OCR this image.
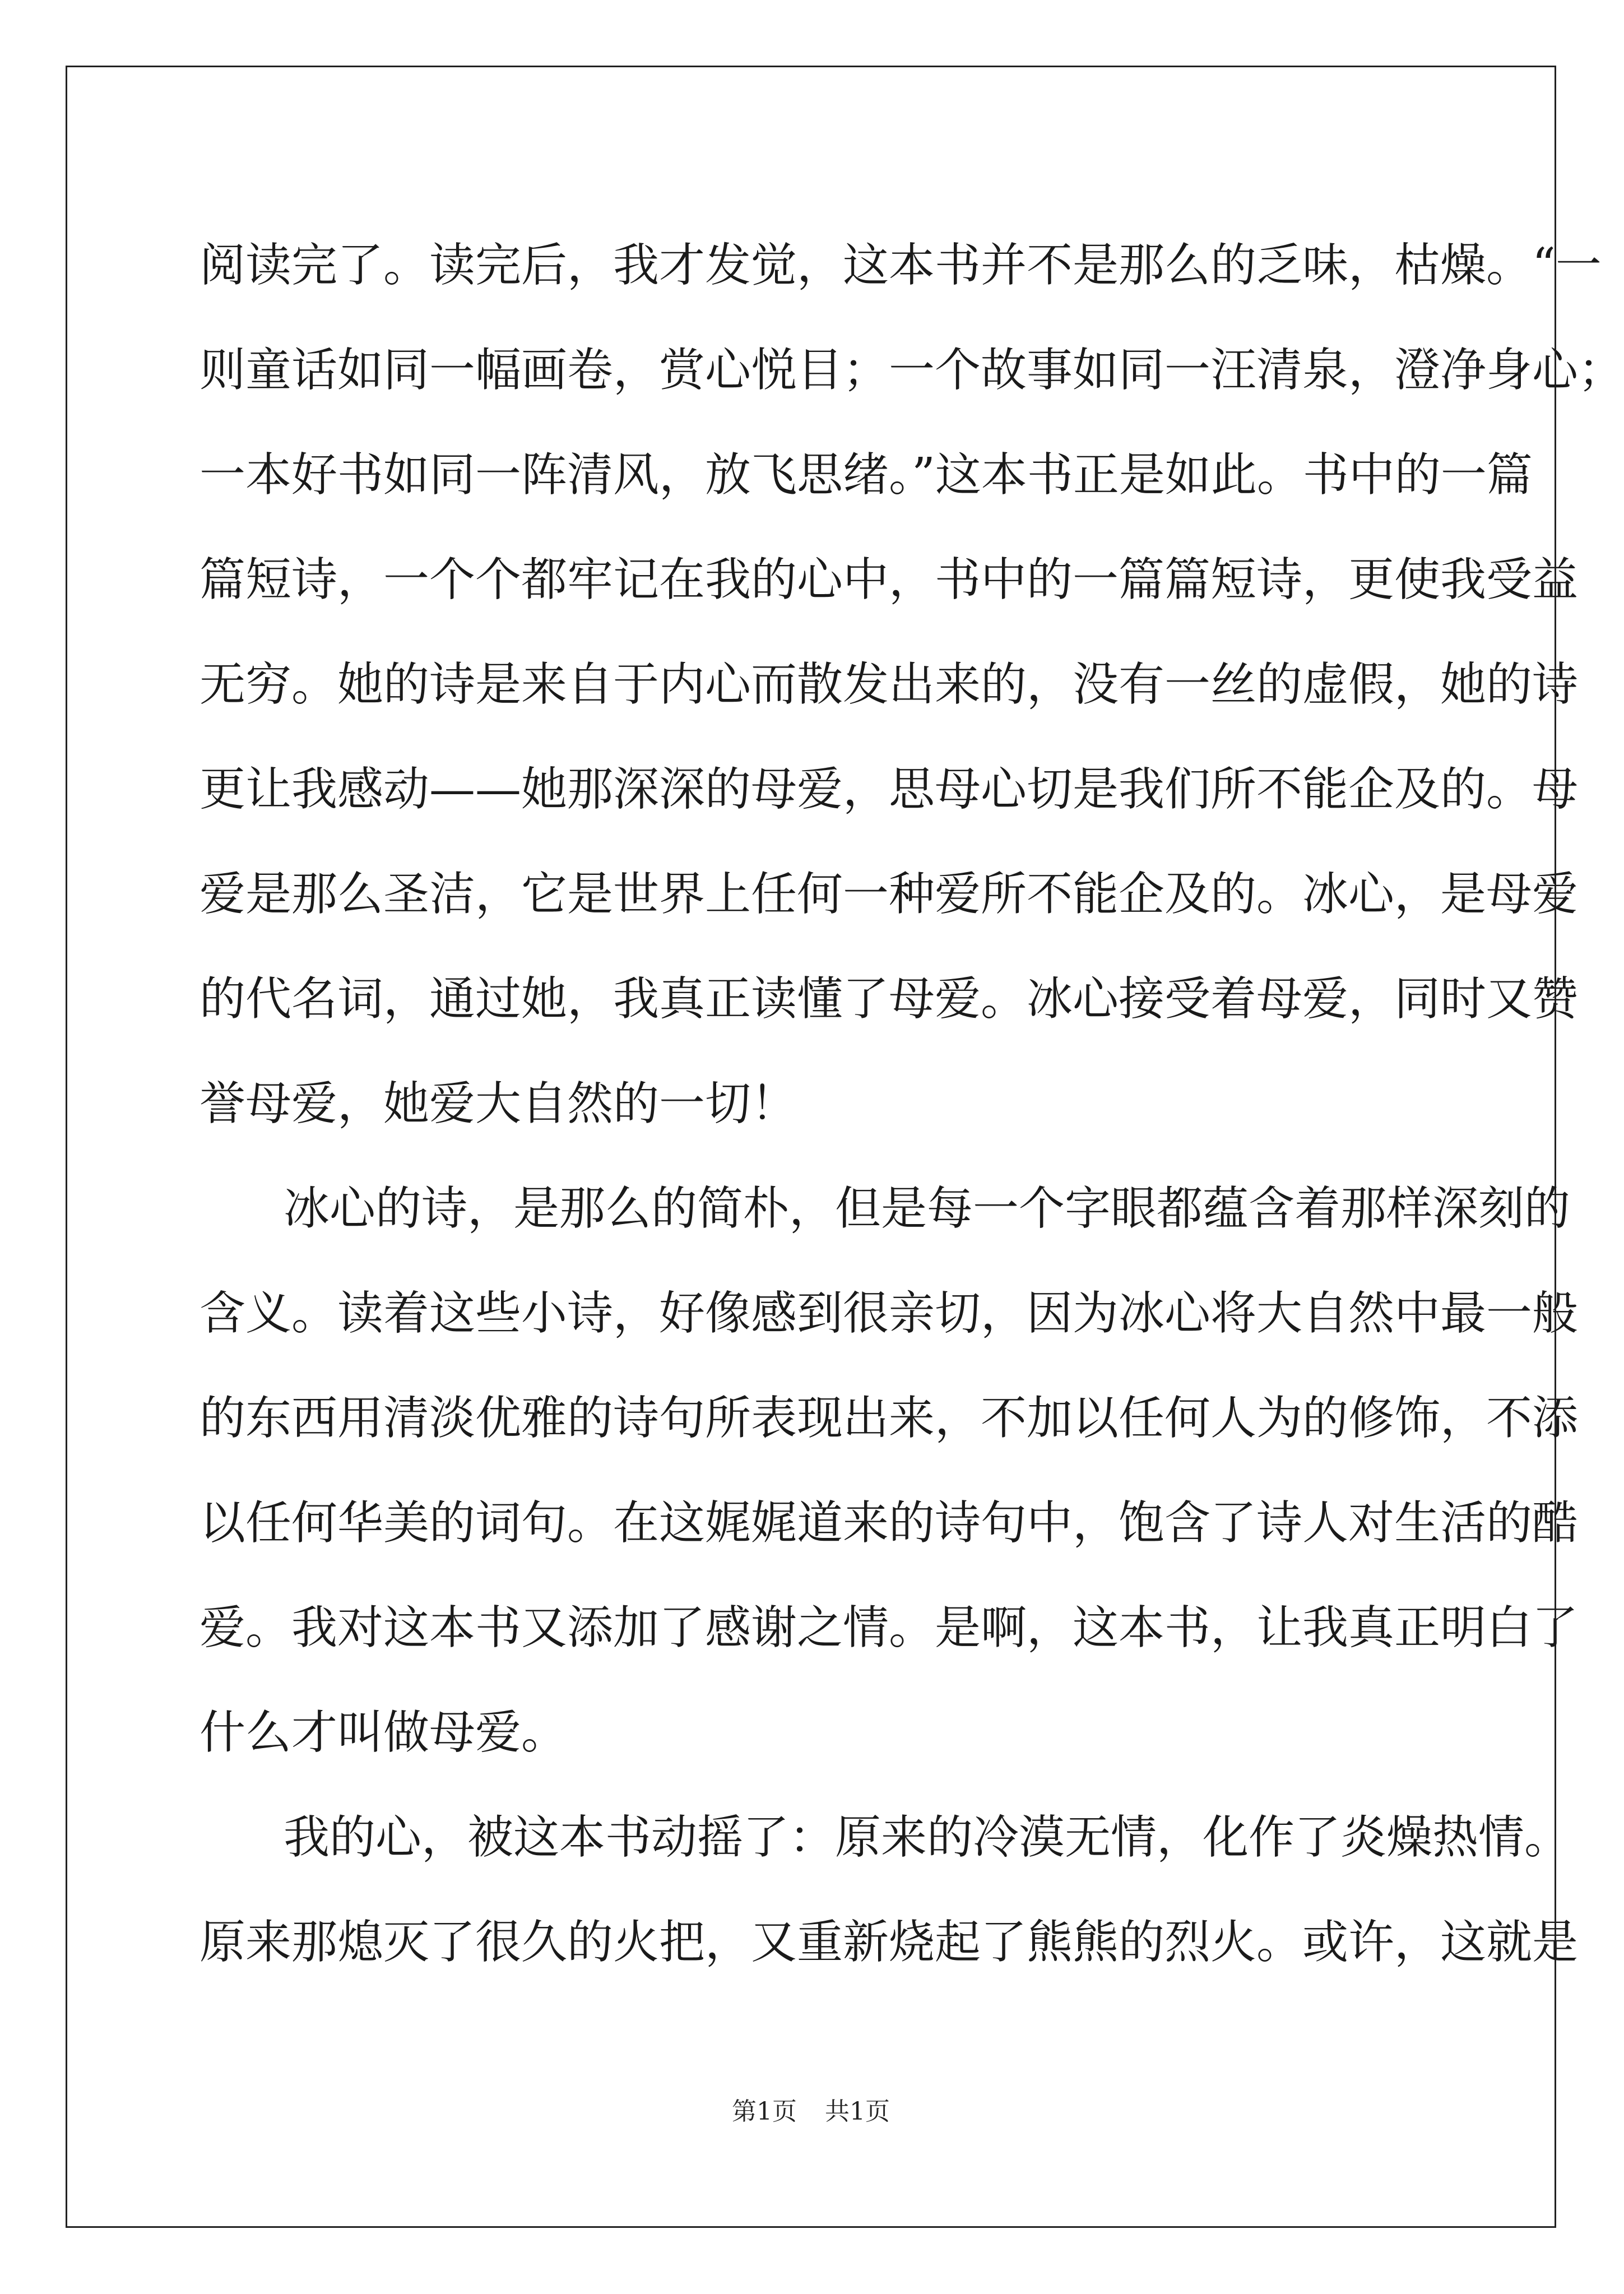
阅读完了。读完后，我才发觉，这本书并不是那么的乏味，枯燥。“一
则童话如同一幅画卷，赏心悦目；一个故事如同一汪清泉，澄净身心；
一本好书如同一阵清风，放飞思绪。”这本书正是如此。书中的一篇
篇短诗，一个个都牢记在我的心中，书中的一篇篇短诗，更使我受益
无穷。她的诗是来自于内心而散发出来的，没有一丝的虚假，她的诗
更让我感动——她那深深的母爱，思母心切是我们所不能企及的。母
爱是那么圣洁，它是世界上任何一种爱所不能企及的。冰心，是母爱
的代名词，通过她，我真正读懂了母爱。冰心接受着母爱，同时又赞
誉母爱，她爱大自然的一切！
冰心的诗，是那么的简朴，但是每一个字眼都蕴含着那样深刻的
含义。读着这些小诗，好像感到很亲切，因为冰心将大自然中最一般
的东西用清淡优雅的诗句所表现出来，不加以任何人为的修饰，不添
以任何华美的词句。在这娓娓道来的诗句中，饱含了诗人对生活的酷
爱。我对这本书又添加了感谢之情。是啊，这本书，让我真正明白了
什么才叫做母爱。
我的心，被这本书动摇了：原来的冷漠无情，化作了炎燥热情。
原来那熄灭了很久的火把，又重新烧起了熊熊的烈火。或许，这就是
第1页 共1页
